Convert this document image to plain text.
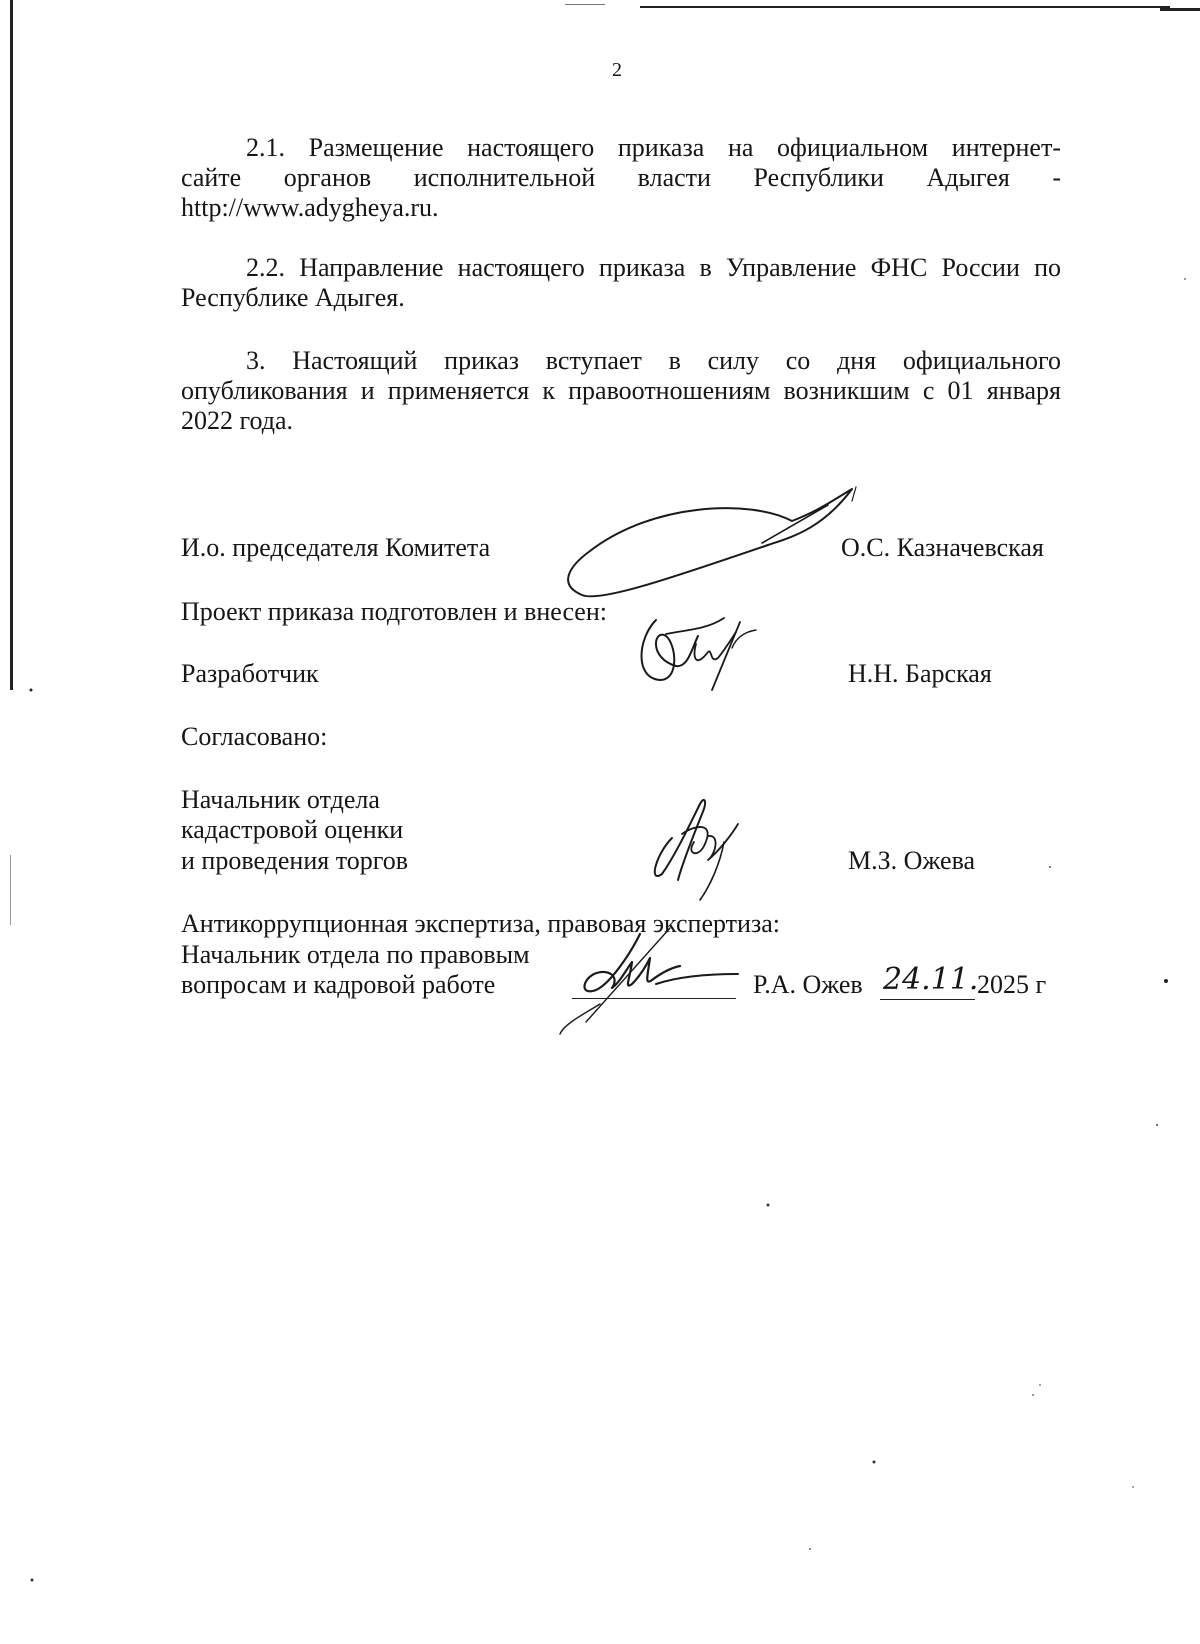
2
2.1. Размещение настоящего приказа на официальном интернет-
сайте органов исполнительной власти Республики Адыгея -
http://www.adygheya.ru.
2.2. Направление настоящего приказа в Управление ФНС России по
Республике Адыгея.
3. Настоящий приказ вступает в силу со дня официального
опубликования и применяется к правоотношениям возникшим с 01 января
2022 года.
И.о. председателя Комитета	О.С. Казначевская
Проект приказа подготовлен и внесен:
Разработчик	Н.Н. Барская
Согласовано:
Начальник отдела
кадастровой оценки
и проведения торгов	М.З. Ожева
Антикоррупционная экспертиза, правовая экспертиза:
Начальник отдела по правовым
вопросам и кадровой работе	Р.А. Ожев 24.11.
2025 г
